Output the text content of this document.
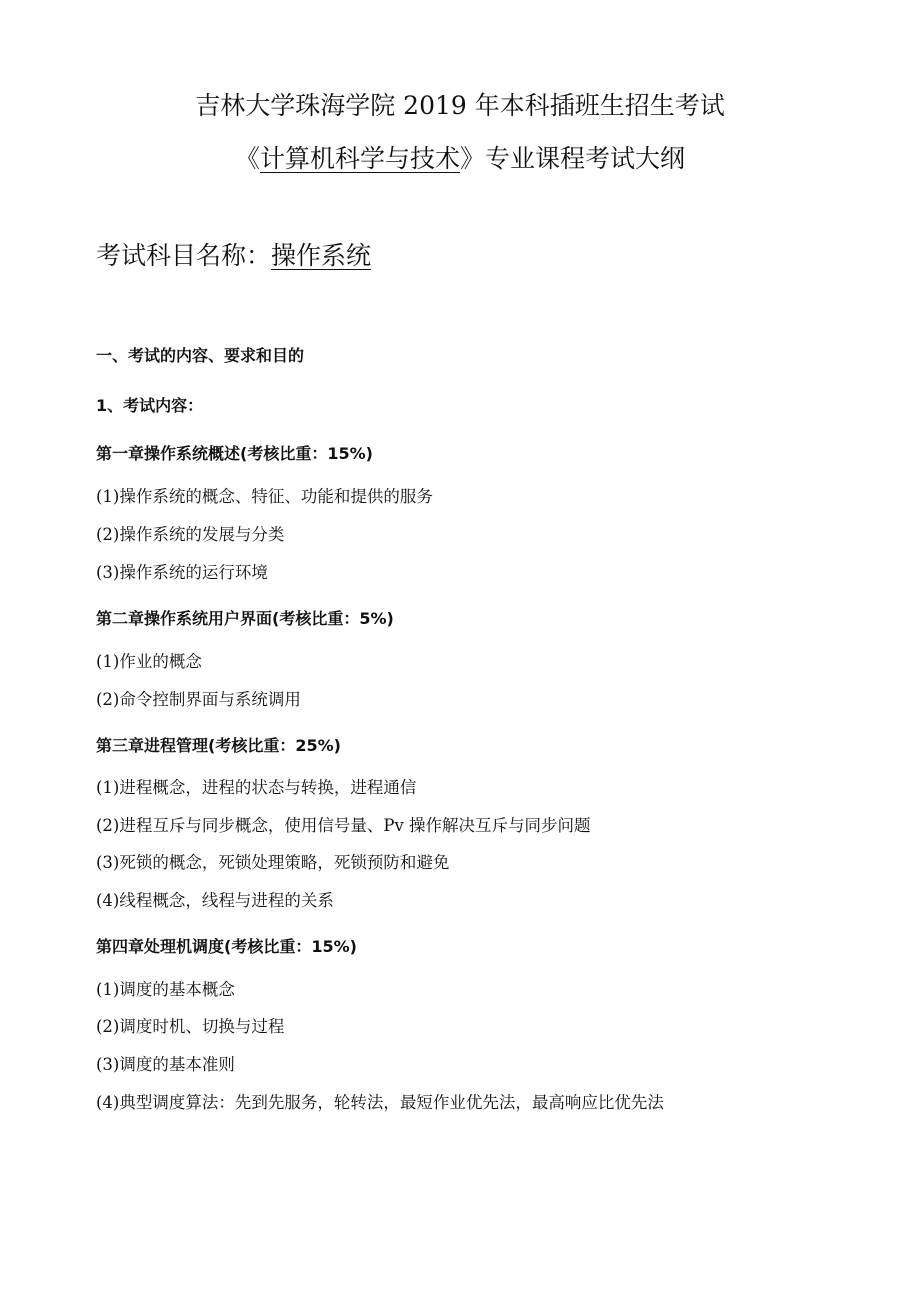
吉林大学珠海学院 2019 年本科插班生招生考试
《计算机科学与技术》专业课程考试大纲
考试科目名称：操作系统
一、考试的内容、要求和目的
1、考试内容：
第一章操作系统概述(考核比重：15%)
(1)操作系统的概念、特征、功能和提供的服务
(2)操作系统的发展与分类
(3)操作系统的运行环境
第二章操作系统用户界面(考核比重：5%)
(1)作业的概念
(2)命令控制界面与系统调用
第三章进程管理(考核比重：25%)
(1)进程概念，进程的状态与转换，进程通信
(2)进程互斥与同步概念，使用信号量、Pv 操作解决互斥与同步问题
(3)死锁的概念，死锁处理策略，死锁预防和避免
(4)线程概念，线程与进程的关系
第四章处理机调度(考核比重：15%)
(1)调度的基本概念
(2)调度时机、切换与过程
(3)调度的基本准则
(4)典型调度算法：先到先服务，轮转法，最短作业优先法，最高响应比优先法
